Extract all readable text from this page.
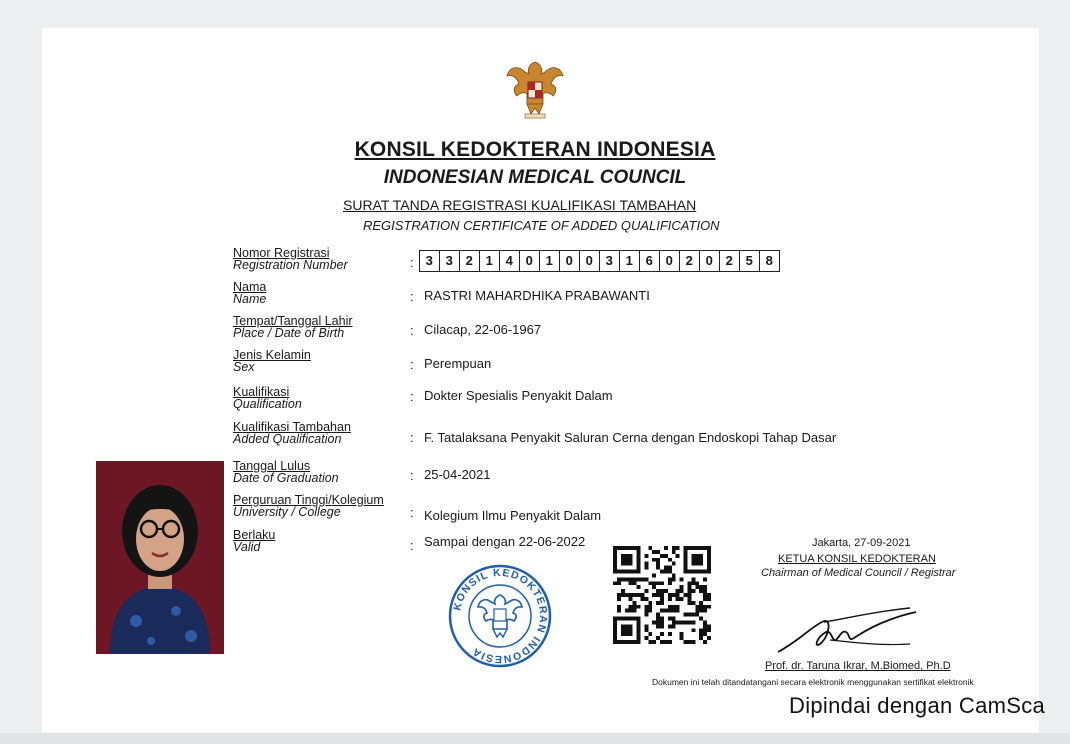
KONSIL KEDOKTERAN INDONESIA
INDONESIAN MEDICAL COUNCIL
SURAT TANDA REGISTRASI KUALIFIKASI TAMBAHAN
REGISTRATION CERTIFICATE OF ADDED QUALIFICATION
Nomor Registrasi
Registration Number	: 3 3 2 1 4 0 1 0 0 3 1 6 0 2 0 2 5 8
Nama
Name	: RASTRI MAHARDHIKA PRABAWANTI
Tempat/Tanggal Lahir
Place / Date of Birth	: Cilacap, 22-06-1967
Jenis Kelamin
Sex	: Perempuan
Kualifikasi
Qualification	: Dokter Spesialis Penyakit Dalam
Kualifikasi Tambahan
Added Qualification	: F. Tatalaksana Penyakit Saluran Cerna dengan Endoskopi Tahap Dasar
Tanggal Lulus
Date of Graduation	: 25-04-2021
Perguruan Tinggi/Kolegium
University / College	: Kolegium Ilmu Penyakit Dalam
Berlaku
Valid	: Sampai dengan 22-06-2022
KONSIL KEDOKTERAN INDONESIA
Jakarta, 27-09-2021
KETUA KONSIL KEDOKTERAN
Chairman of Medical Council / Registrar
Prof. dr. Taruna Ikrar, M.Biomed, Ph.D
Dokumen ini telah ditandatangani secara elektronik menggunakan sertifikat elektronik
Dipindai dengan CamSca
